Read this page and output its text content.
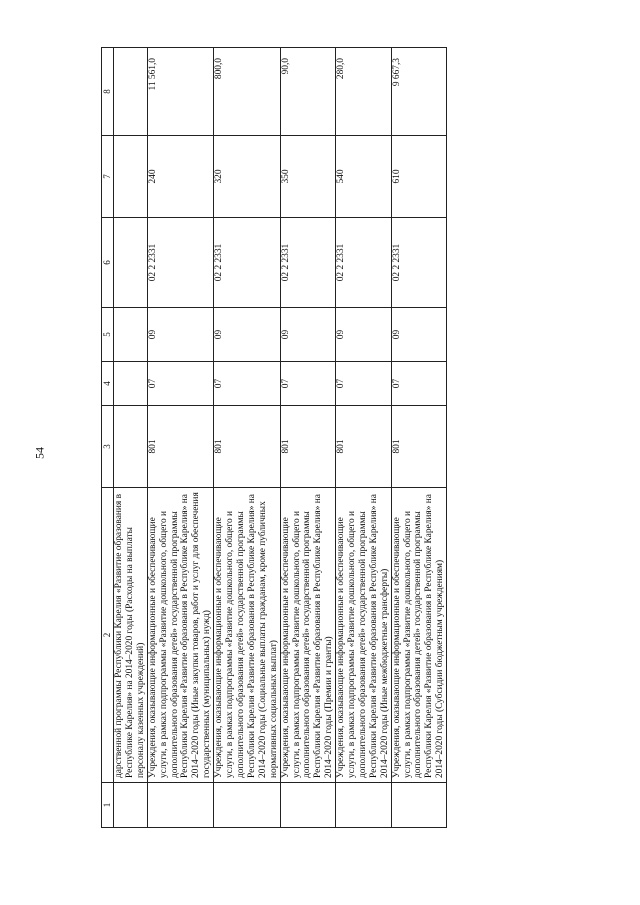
54
1	2	3	4	5	6	7	8
	дарственной программы Республики Карелия «Развитие образования в Республике Карелия» на 2014–2020 годы (Расходы на выплаты персоналу казенных учреждений)						
	Учреждения, оказывающие информационные и обеспечивающие услуги, в рамках подпрограммы «Развитие дошкольного, общего и дополнительного образования детей» государственной программы Республики Карелия «Развитие образования в Республике Карелия» на 2014–2020 годы (Иные закупки товаров, работ и услуг для обеспечения государственных (муниципальных) нужд)	801	07	09	02 2 2331	240	11 561,0
	Учреждения, оказывающие информационные и обеспечивающие услуги, в рамках подпрограммы «Развитие дошкольного, общего и дополнительного образования детей» государственной программы Республики Карелия «Развитие образования в Республике Карелия» на 2014–2020 годы (Социальные выплаты гражданам, кроме публичных нормативных социальных выплат)	801	07	09	02 2 2331	320	800,0
	Учреждения, оказывающие информационные и обеспечивающие услуги, в рамках подпрограммы «Развитие дошкольного, общего и дополнительного образования детей» государственной программы Республики Карелия «Развитие образования в Республике Карелия» на 2014–2020 годы (Премии и гранты)	801	07	09	02 2 2331	350	90,0
	Учреждения, оказывающие информационные и обеспечивающие услуги, в рамках подпрограммы «Развитие дошкольного, общего и дополнительного образования детей» государственной программы Республики Карелия «Развитие образования в Республике Карелия» на 2014–2020 годы (Иные межбюджетные трансферты)	801	07	09	02 2 2331	540	280,0
	Учреждения, оказывающие информационные и обеспечивающие услуги, в рамках подпрограммы «Развитие дошкольного, общего и дополнительного образования детей» государственной программы Республики Карелия «Развитие образования в Республике Карелия» на 2014–2020 годы (Субсидии бюджетным учреждениям)	801	07	09	02 2 2331	610	9 667,3
